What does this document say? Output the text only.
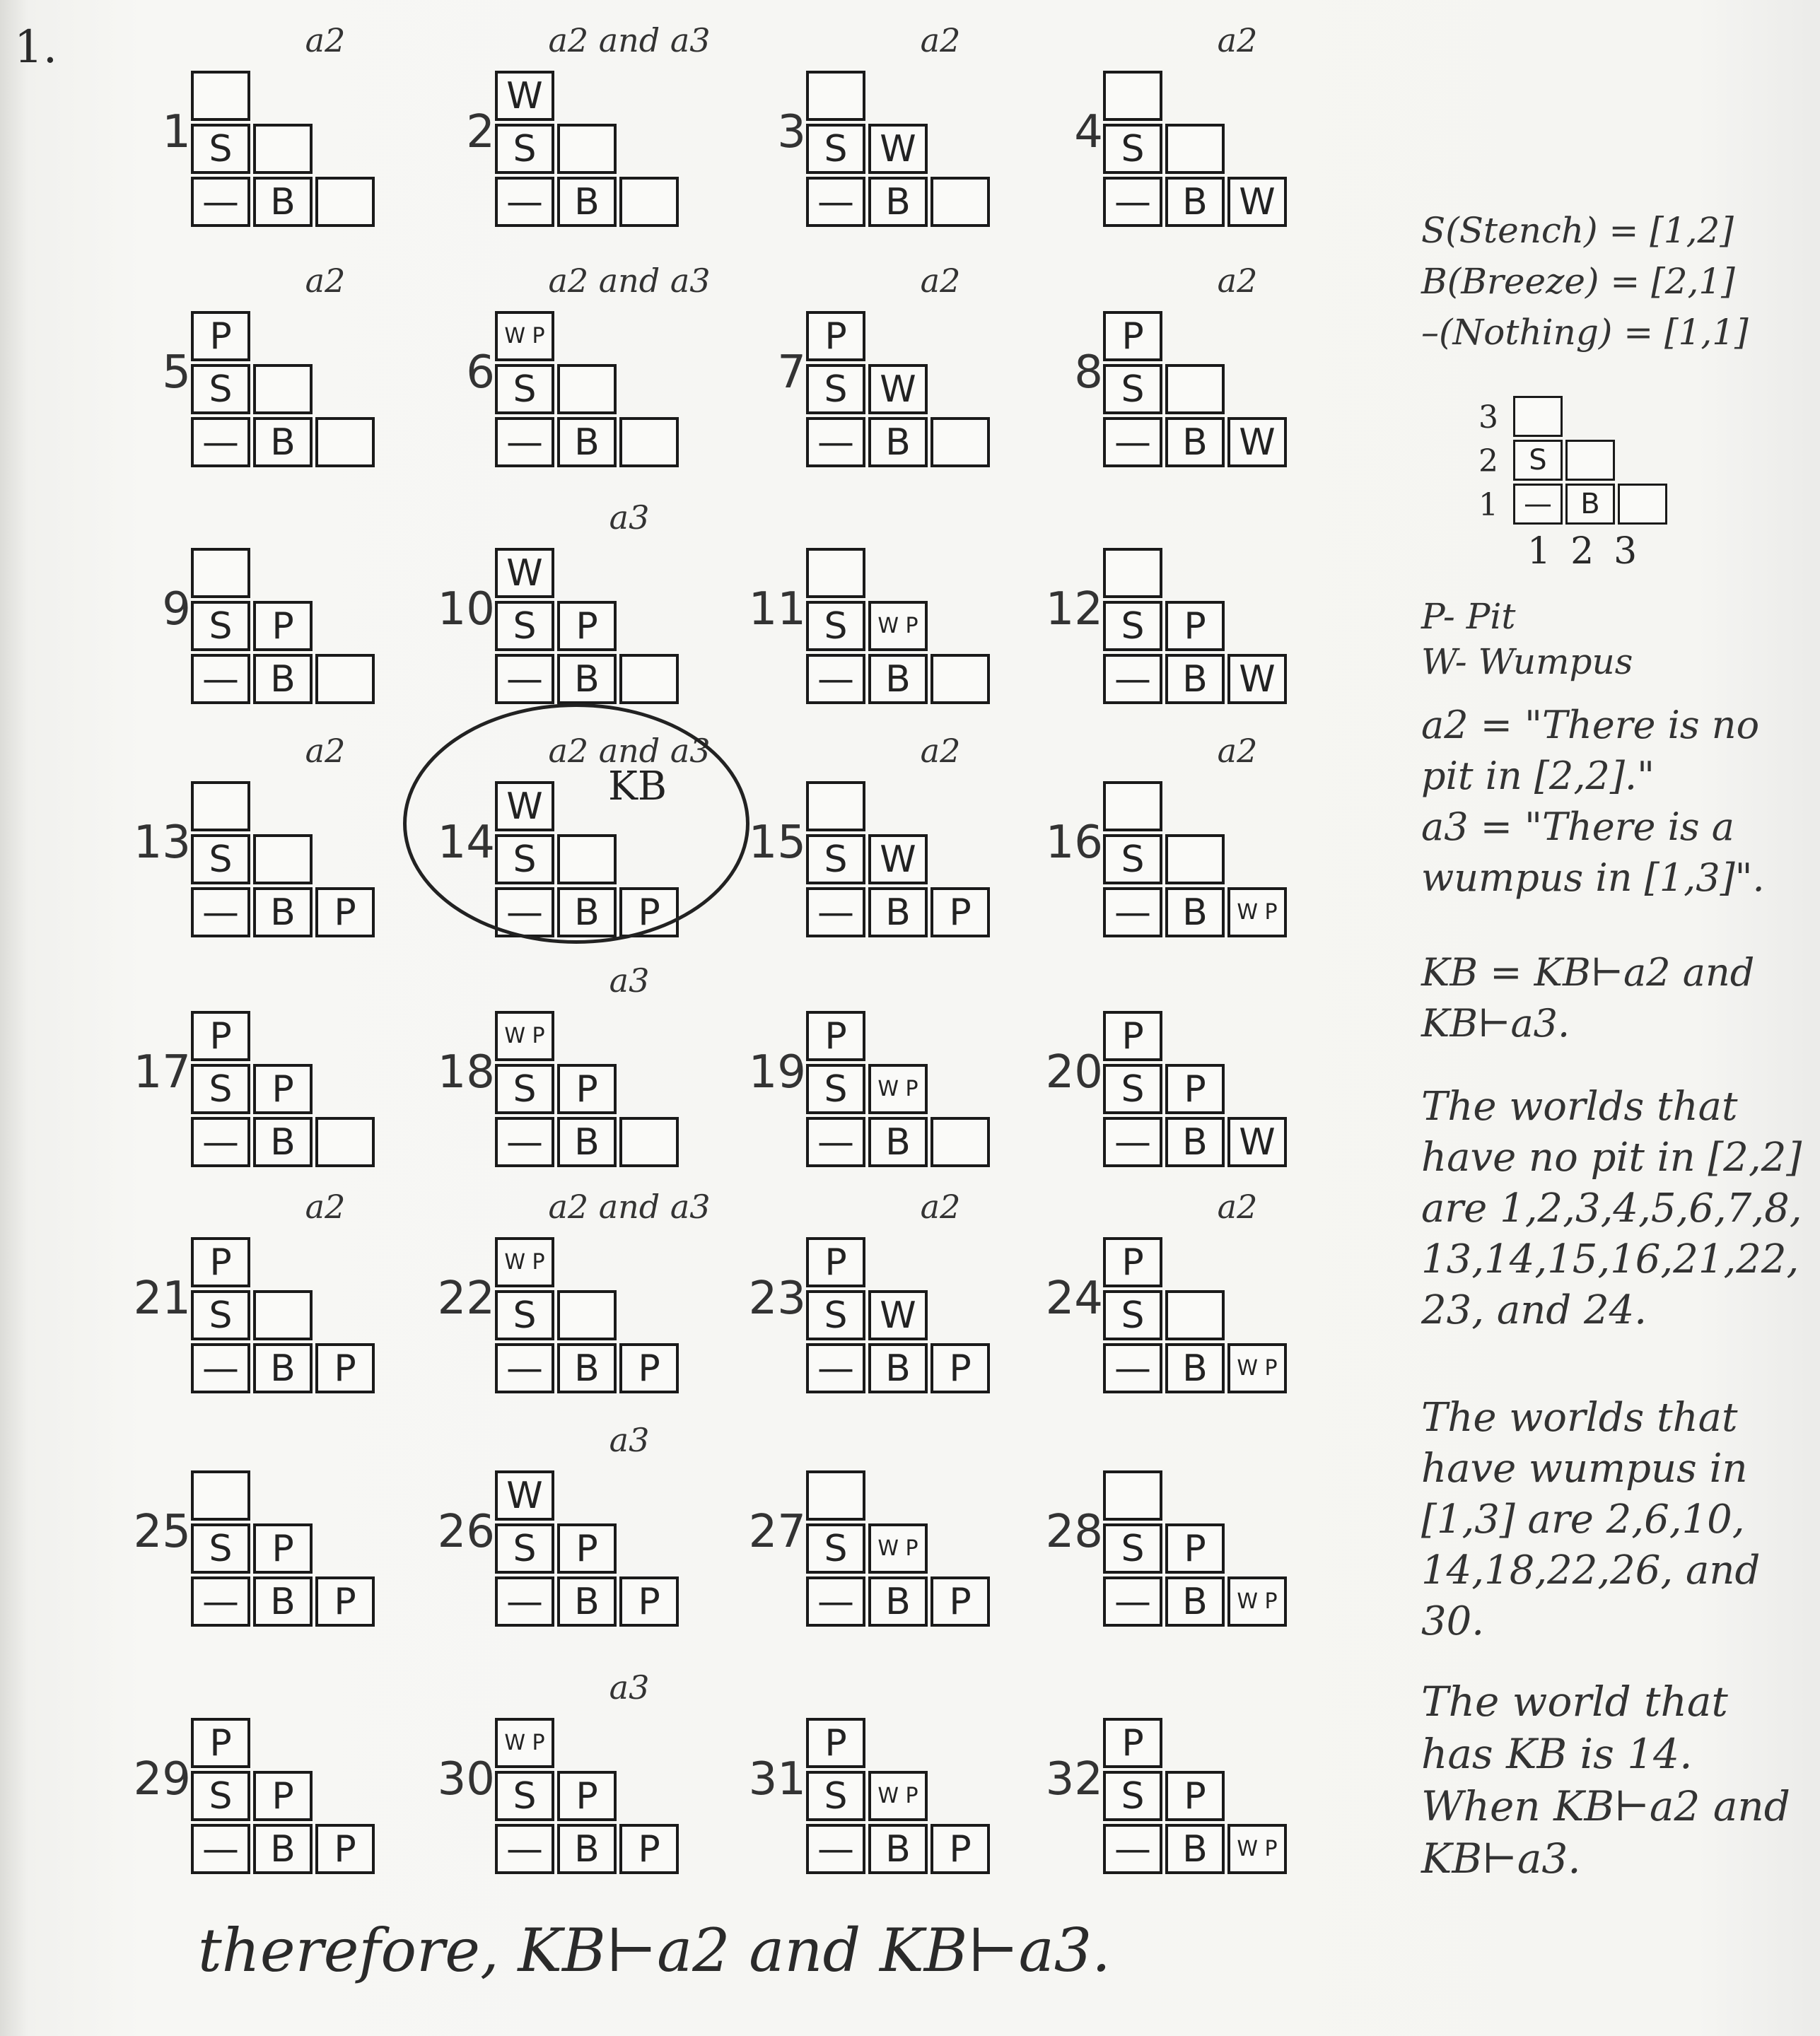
1.
1
a2
S
— B
2
a2 and a3
W
S
— B
3
a2
S W
— B
4
a2
S
— B W
5
a2
P
S
— B
6
a2 and a3
W P
S
— B
7
a2
P
S W
— B
8
a2
P
S
— B W
9 S	P
— B
10
a3
W
S	P
— B
11 S	W P
— B
12 S	P
— B W
13
a2
S
— B	P
14
a2 and a3
W
S
— B	P
15
a2
S W
— B	P
16
a2
S
— B	W P
17
P
S	P
— B
18
a3
W P
S	P
— B
19
P
S	W P
— B
20
P
S	P
— B W
21
a2
P
S
— B	P
22
a2 and a3
W P
S
— B	P
23
a2
P
S W
— B	P
24
a2
P
S
— B	W P
25 S	P
— B	P
26
a3
W
S	P
— B	P
27 S	W P
— B	P
28 S	P
— B	W P
29
P
S	P
— B	P
30
a3
W P
S	P
— B	P
31
P
S	W P
— B	P
32
P
S	P
— B	W P
KB
S(Stench) = [1,2]
B(Breeze) = [2,1]
–(Nothing) = [1,1]
3
2
1
S
—	B
123
P- Pit
W- Wumpus
a2 = "There is no pit in [2,2]."
a3 = "There is a wumpus in [1,3]".
KB = KB⊢a2 and KB⊢a3.
The worlds that have no pit in [2,2] are 1,2,3,4,5,6,7,8, 13,14,15,16,21,22, 23, and 24.
The worlds that have wumpus in [1,3] are 2,6,10, 14,18,22,26, and 30.
The world that has KB is 14. When KB⊢a2 and KB⊢a3.
therefore, KB⊢a2 and KB⊢a3.
